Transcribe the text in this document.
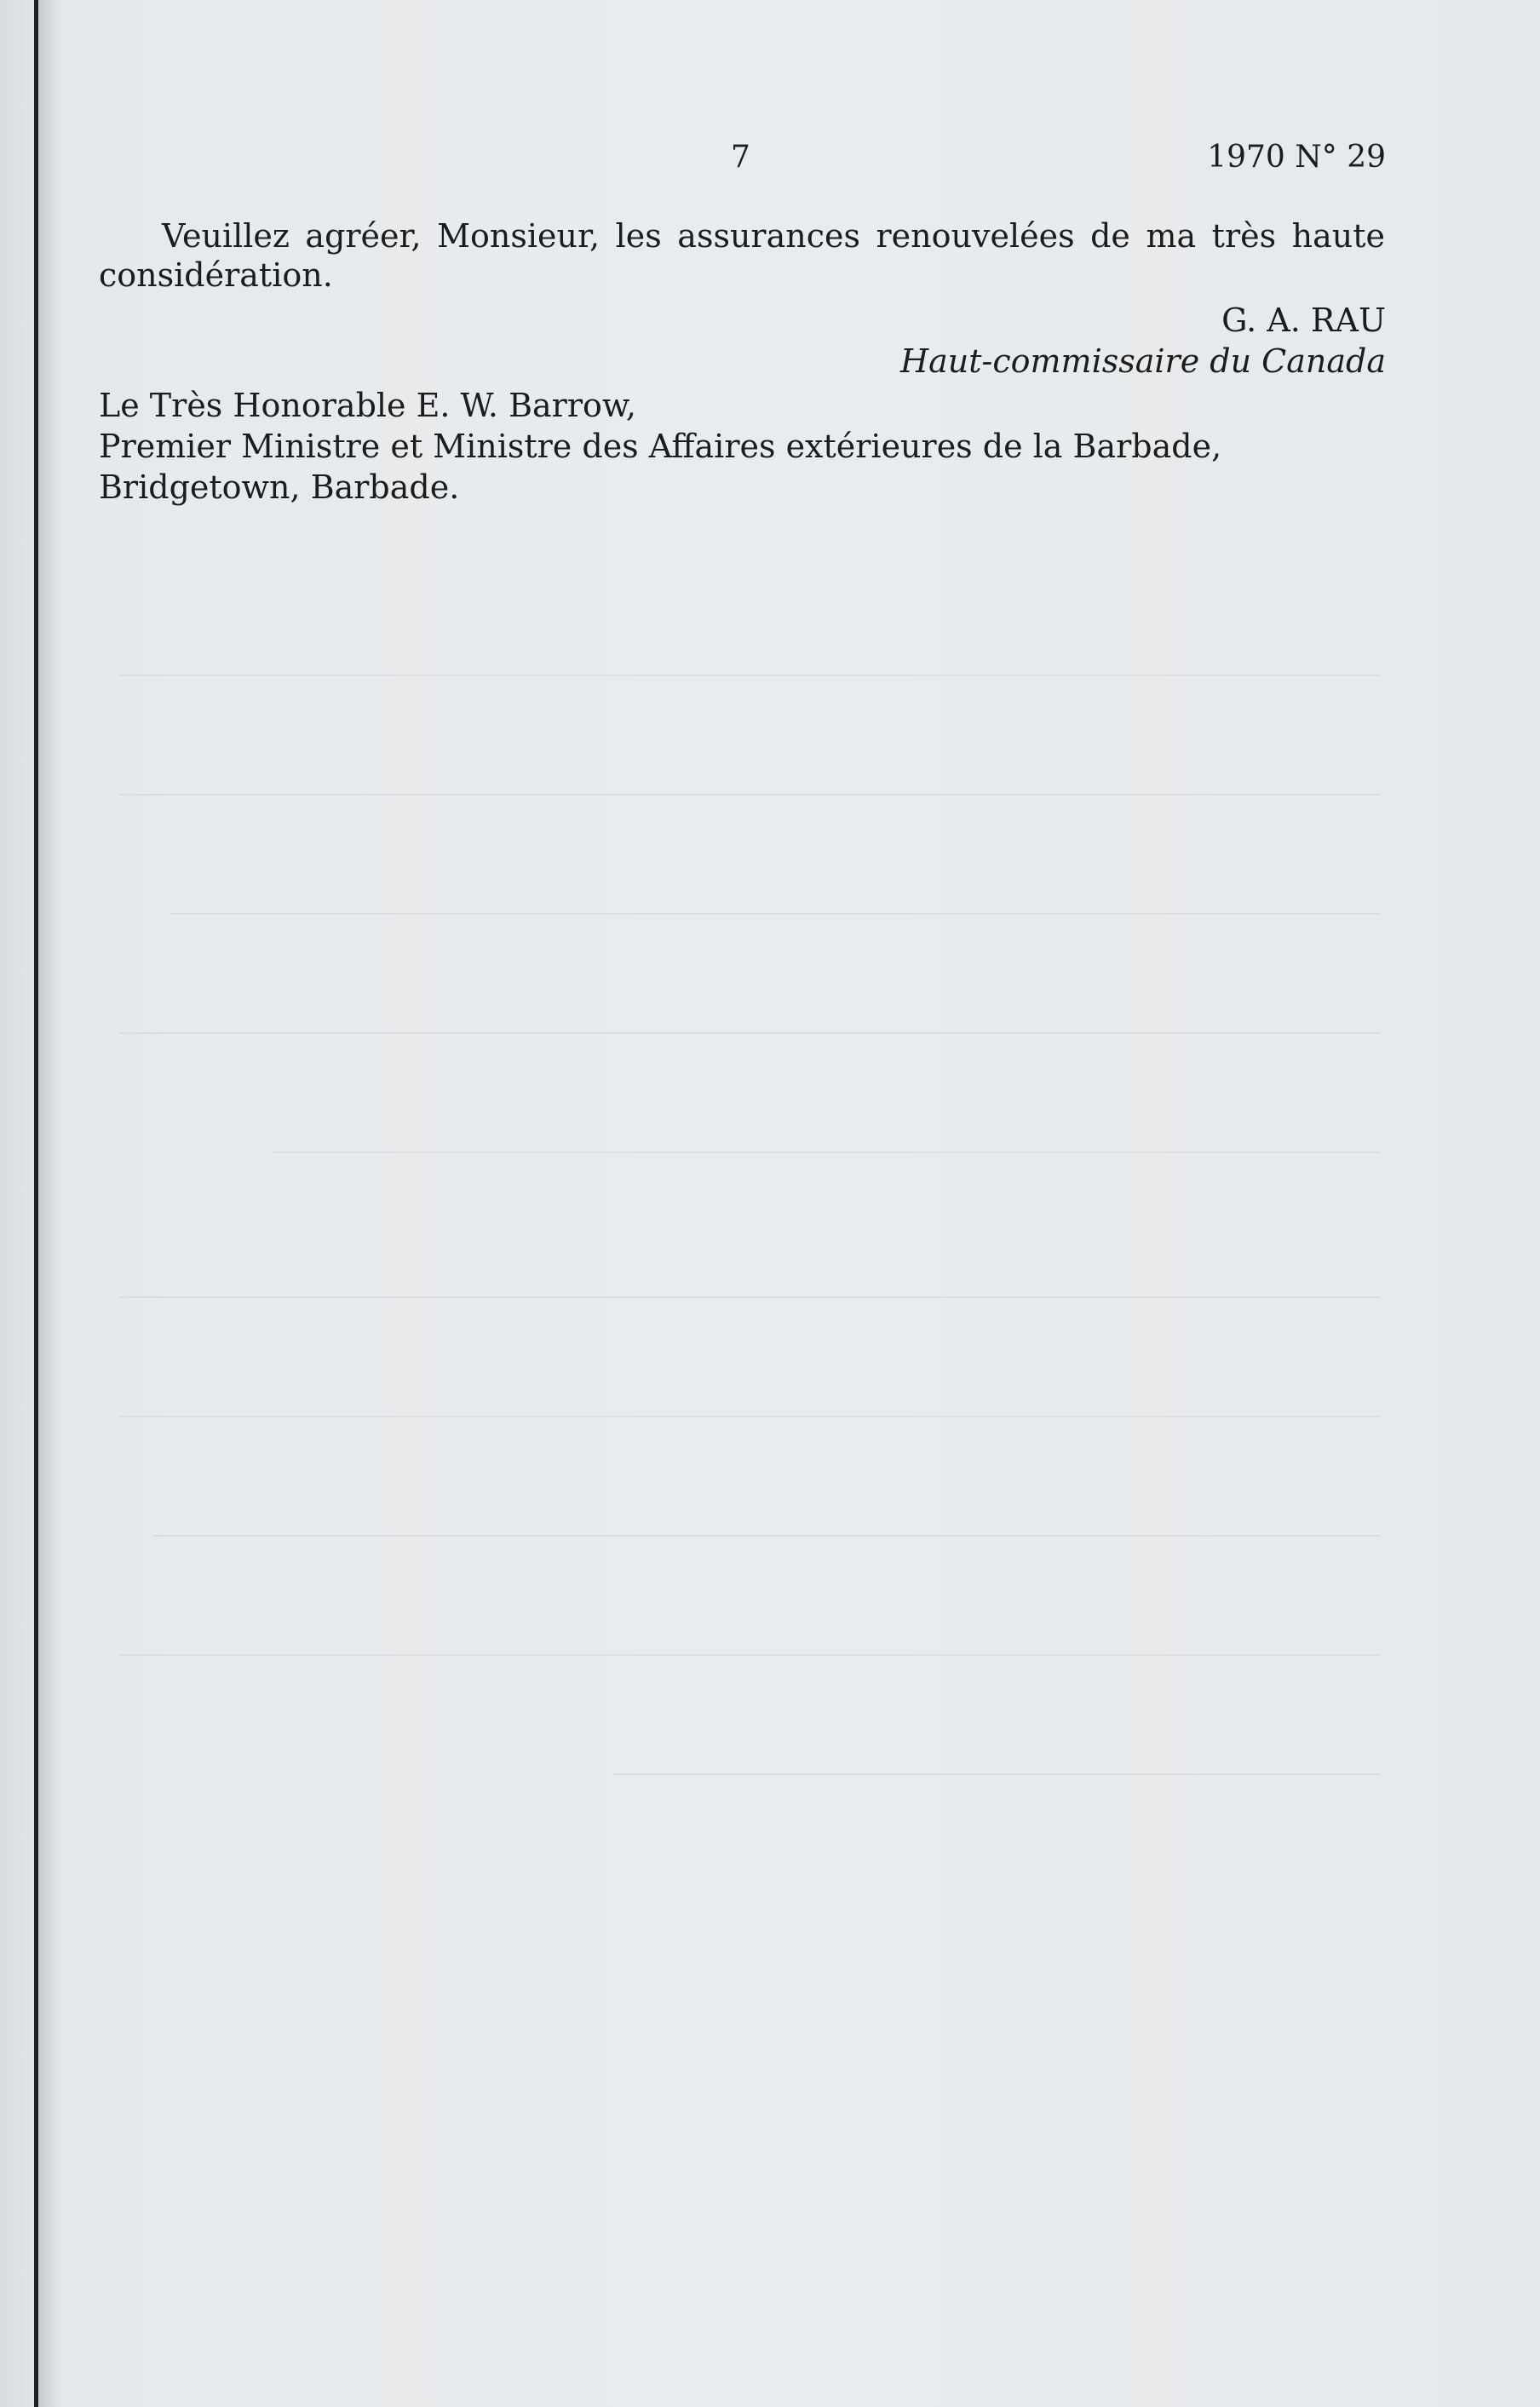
7	1970 N° 29
Veuillez agréer, Monsieur, les assurances renouvelées de ma très haute considération.
G. A. RAU
Haut-commissaire du Canada
Le Très Honorable E. W. Barrow,
Premier Ministre et Ministre des Affaires extérieures de la Barbade,
Bridgetown, Barbade.
